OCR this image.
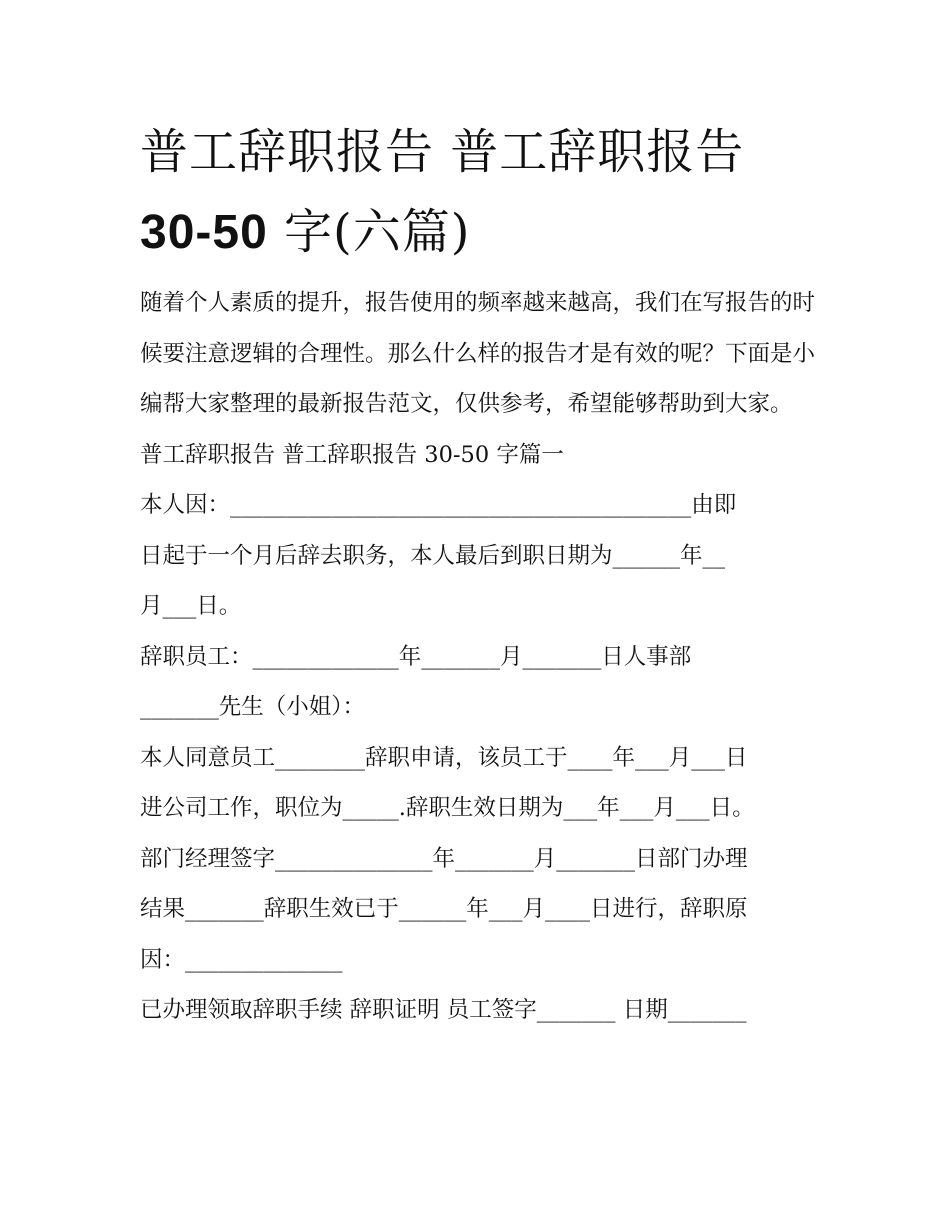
普工辞职报告 普工辞职报告
30-50 字(六篇)

随着个人素质的提升，报告使用的频率越来越高，我们在写报告的时候要注意逻辑的合理性。那么什么样的报告才是有效的呢？下面是小编帮大家整理的最新报告范文，仅供参考，希望能够帮助到大家。

普工辞职报告 普工辞职报告 30-50 字篇一

本人因：_________________________________________由即

日起于一个月后辞去职务，本人最后到职日期为______年__

月___日。

辞职员工：_____________年_______月_______日人事部

_______先生（小姐）：

本人同意员工________辞职申请，该员工于____年___月___日

进公司工作，职位为_____.辞职生效日期为___年___月___日。

部门经理签字______________年_______月_______日部门办理

结果_______辞职生效已于______年___月____日进行，辞职原

因：______________

已办理领取辞职手续 辞职证明 员工签字_______ 日期_______
